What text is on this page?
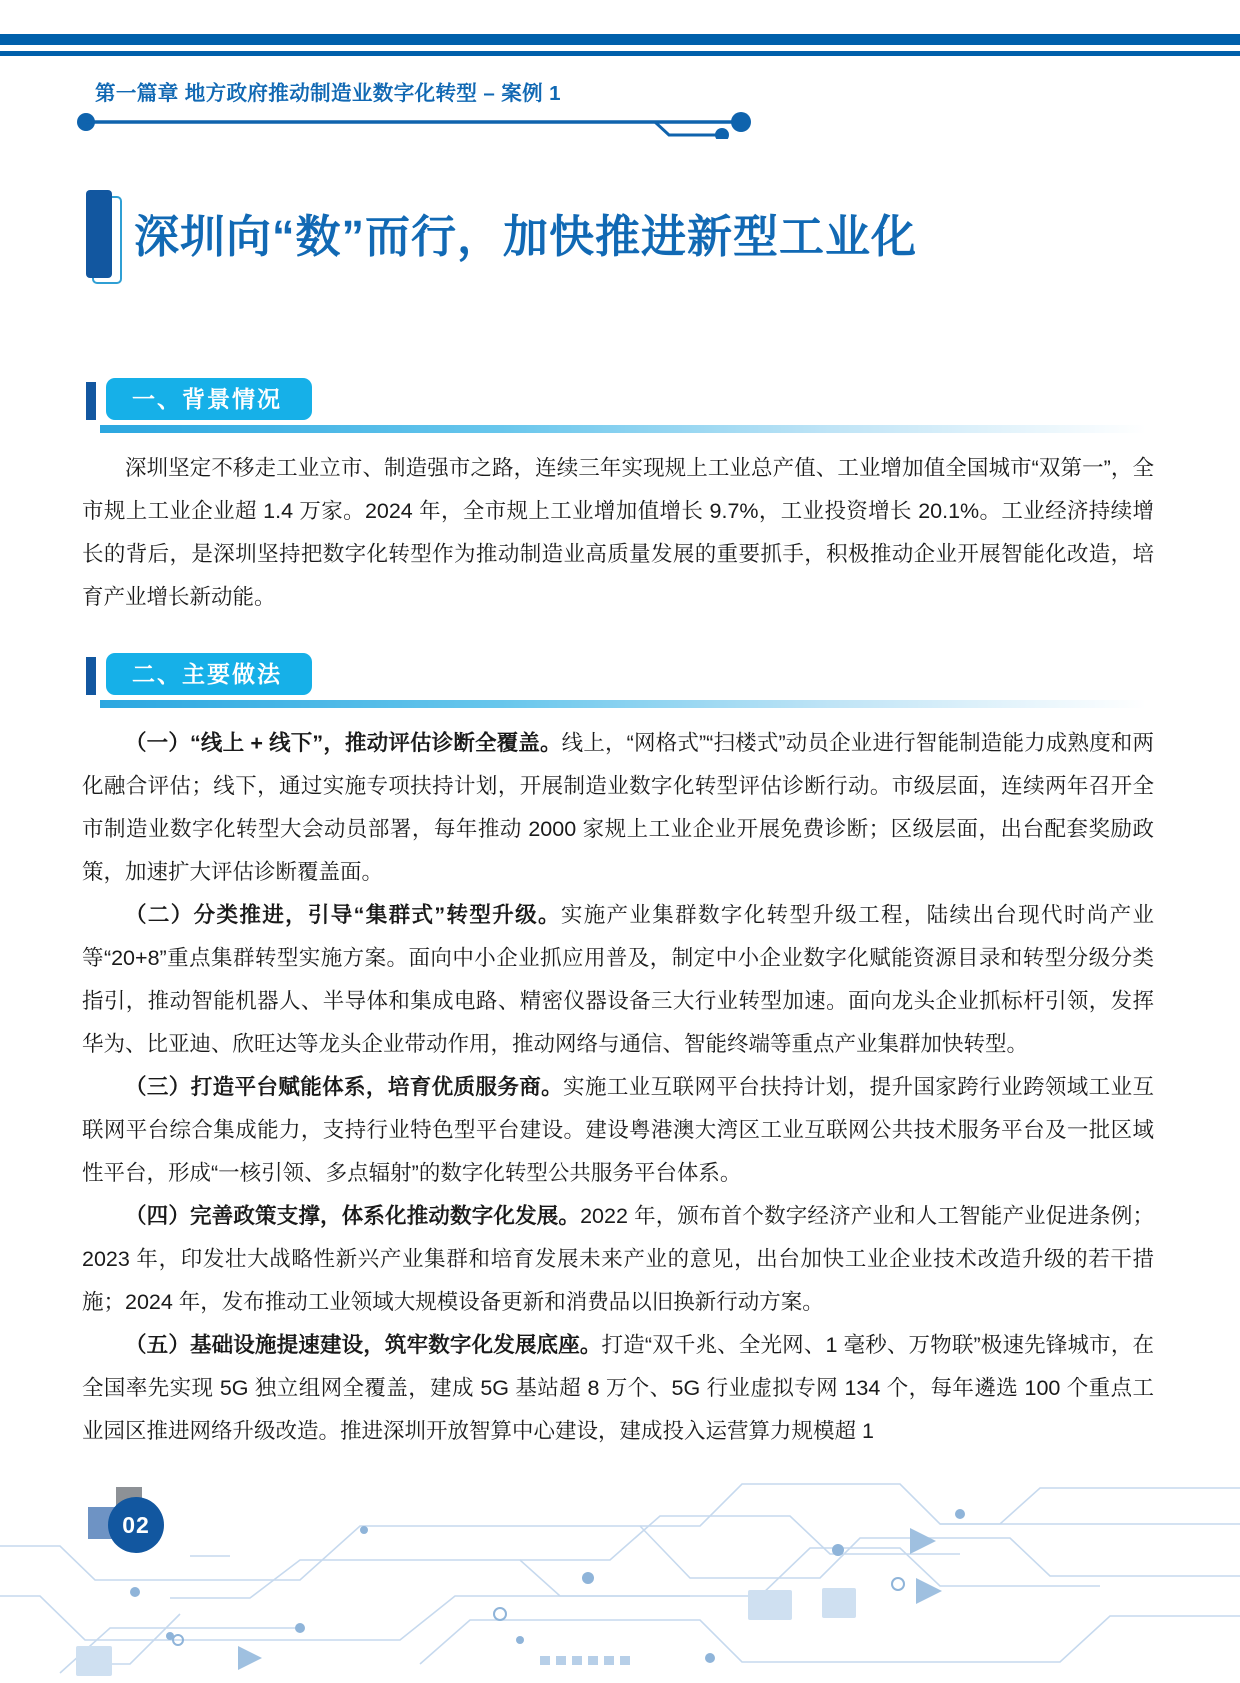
第一篇章 地方政府推动制造业数字化转型 – 案例 1
深圳向“数”而行，加快推进新型工业化
一、背景情况

深圳坚定不移走工业立市、制造强市之路，连续三年实现规上工业总产值、工业增加值全国城市“双第一”，全市规上工业企业超 1.4 万家。2024 年，全市规上工业增加值增长 9.7%，工业投资增长 20.1%。工业经济持续增长的背后，是深圳坚持把数字化转型作为推动制造业高质量发展的重要抓手，积极推动企业开展智能化改造，培育产业增长新动能。

二、主要做法

（一）“线上 + 线下”，推动评估诊断全覆盖。线上，“网格式”“扫楼式”动员企业进行智能制造能力成熟度和两化融合评估；线下，通过实施专项扶持计划，开展制造业数字化转型评估诊断行动。市级层面，连续两年召开全市制造业数字化转型大会动员部署，每年推动 2000 家规上工业企业开展免费诊断；区级层面，出台配套奖励政策，加速扩大评估诊断覆盖面。

（二）分类推进，引导“集群式”转型升级。实施产业集群数字化转型升级工程，陆续出台现代时尚产业等“20+8”重点集群转型实施方案。面向中小企业抓应用普及，制定中小企业数字化赋能资源目录和转型分级分类指引，推动智能机器人、半导体和集成电路、精密仪器设备三大行业转型加速。面向龙头企业抓标杆引领，发挥华为、比亚迪、欣旺达等龙头企业带动作用，推动网络与通信、智能终端等重点产业集群加快转型。

（三）打造平台赋能体系，培育优质服务商。实施工业互联网平台扶持计划，提升国家跨行业跨领域工业互联网平台综合集成能力，支持行业特色型平台建设。建设粤港澳大湾区工业互联网公共技术服务平台及一批区域性平台，形成“一核引领、多点辐射”的数字化转型公共服务平台体系。

（四）完善政策支撑，体系化推动数字化发展。2022 年，颁布首个数字经济产业和人工智能产业促进条例；2023 年，印发壮大战略性新兴产业集群和培育发展未来产业的意见，出台加快工业企业技术改造升级的若干措施；2024 年，发布推动工业领域大规模设备更新和消费品以旧换新行动方案。

（五）基础设施提速建设，筑牢数字化发展底座。打造“双千兆、全光网、1 毫秒、万物联”极速先锋城市，在全国率先实现 5G 独立组网全覆盖，建成 5G 基站超 8 万个、5G 行业虚拟专网 134 个，每年遴选 100 个重点工业园区推进网络升级改造。推进深圳开放智算中心建设，建成投入运营算力规模超 1

02
